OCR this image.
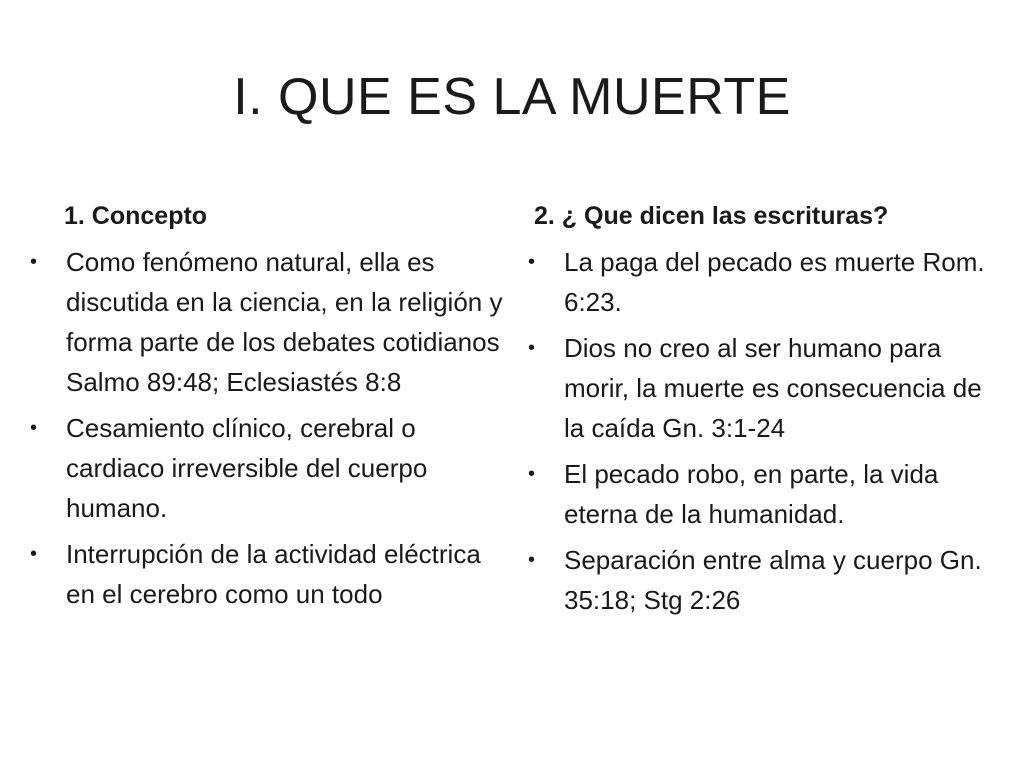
I. QUE ES LA MUERTE
1. Concepto
•	Como fenómeno natural, ella es discutida en la ciencia, en la religión y forma parte de los debates cotidianos Salmo 89:48; Eclesiastés 8:8
•	Cesamiento clínico, cerebral o cardiaco irreversible del cuerpo humano.
•	Interrupción de la actividad eléctrica en el cerebro como un todo
2. ¿ Que dicen las escrituras?
•	La paga del pecado es muerte Rom. 6:23.
•	Dios no creo al ser humano para morir, la muerte es consecuencia de la caída Gn. 3:1-24
•	El pecado robo, en parte, la vida eterna de la humanidad.
•	Separación entre alma y cuerpo Gn. 35:18; Stg 2:26
